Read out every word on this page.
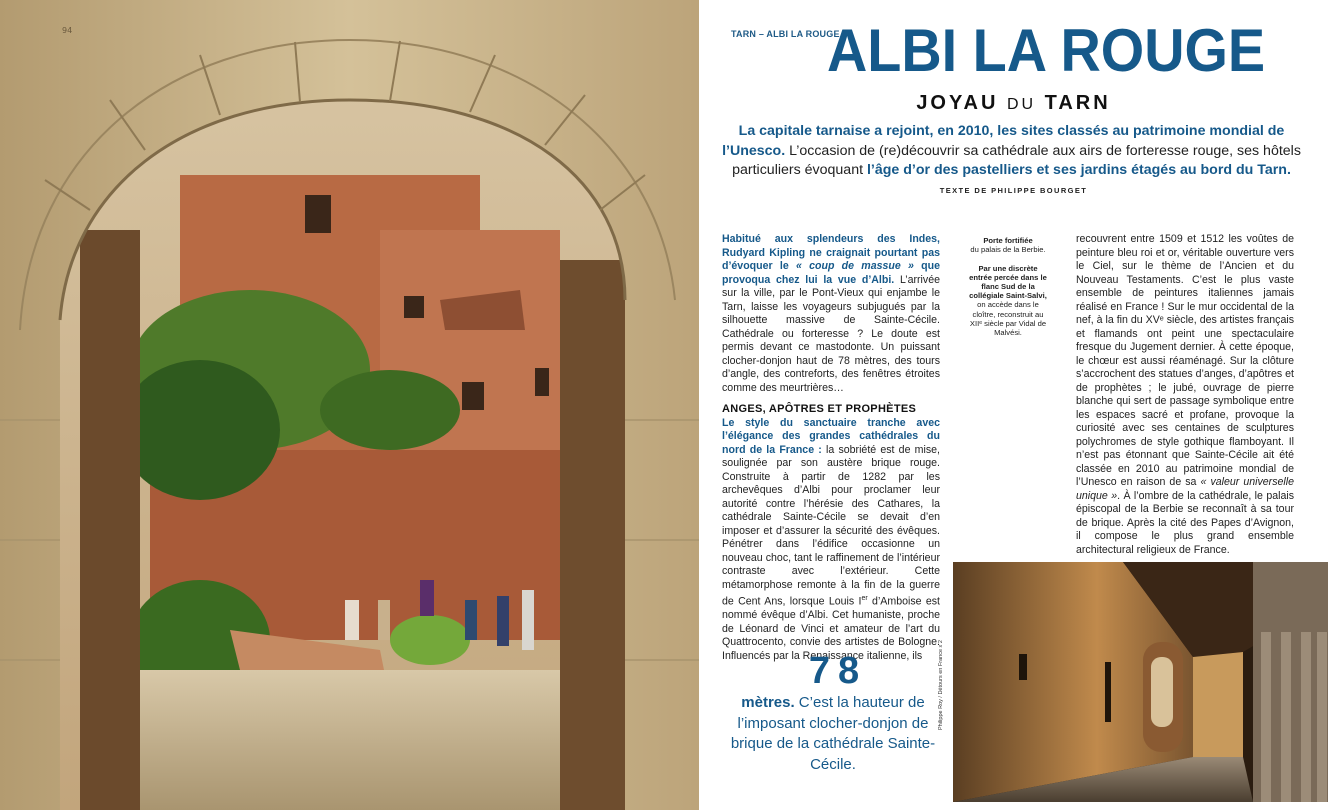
94	TARN – ALBI LA ROUGE
ALBI LA ROUGE
JOYAU DU TARN
La capitale tarnaise a rejoint, en 2010, les sites classés au patrimoine mondial de l’Unesco. L’occasion de (re)découvrir sa cathédrale aux airs de forteresse rouge, ses hôtels particuliers évoquant l’âge d’or des pastelliers et ses jardins étagés au bord du Tarn.
TEXTE DE PHILIPPE BOURGET
Habitué aux splendeurs des Indes, Rudyard Kipling ne craignait pourtant pas d’évoquer le « coup de massue » que provoqua chez lui la vue d’Albi. L’arrivée sur la ville, par le Pont-Vieux qui enjambe le Tarn, laisse les voyageurs subjugués par la silhouette massive de Sainte-Cécile. Cathédrale ou forteresse ? Le doute est permis devant ce mastodonte. Un puissant clocher-donjon haut de 78 mètres, des tours d’angle, des contreforts, des fenêtres étroites comme des meurtrières…
ANGES, APÔTRES ET PROPHÈTES
Le style du sanctuaire tranche avec l’élégance des grandes cathédrales du nord de la France : la sobriété est de mise, soulignée par son austère brique rouge. Construite à partir de 1282 par les archevêques d’Albi pour proclamer leur autorité contre l’hérésie des Cathares, la cathédrale Sainte-Cécile se devait d’en imposer et d’assurer la sécurité des évêques. Pénétrer dans l’édifice occasionne un nouveau choc, tant le raffinement de l’intérieur contraste avec l’extérieur. Cette métamorphose remonte à la fin de la guerre de Cent Ans, lorsque Louis Ier d’Amboise est nommé évêque d’Albi. Cet humaniste, proche de Léonard de Vinci et amateur de l’art du Quattrocento, convie des artistes de Bologne. Influencés par la Renaissance italienne, ils
Porte fortifiée
du palais de la Berbie.

Par une discrète entrée percée dans le flanc Sud de la collégiale Saint-Salvi,
on accède dans le cloître, reconstruit au XIIᵉ siècle par Vidal de Malvési.
recouvrent entre 1509 et 1512 les voûtes de peinture bleu roi et or, véritable ouverture vers le Ciel, sur le thème de l’Ancien et du Nouveau Testaments. C’est le plus vaste ensemble de peintures italiennes jamais réalisé en France ! Sur le mur occidental de la nef, à la fin du XVᵉ siècle, des artistes français et flamands ont peint une spectaculaire fresque du Jugement dernier. À cette époque, le chœur est aussi réaménagé. Sur la clôture s’accrochent des statues d’anges, d’apôtres et de prophètes ; le jubé, ouvrage de pierre blanche qui sert de passage symbolique entre les espaces sacré et profane, provoque la curiosité avec ses centaines de sculptures polychromes de style gothique flamboyant. Il n’est pas étonnant que Sainte-Cécile ait été classée en 2010 au patrimoine mondial de l’Unesco en raison de sa « valeur universelle unique ». À l’ombre de la cathédrale, le palais épiscopal de la Berbie se reconnaît à sa tour de brique. Après la cité des Papes d’Avignon, il compose le plus grand ensemble architectural religieux de France.
78
mètres. C’est la hauteur de l’imposant clocher-donjon de brique de la cathédrale Sainte-Cécile.
Philippe Roy / Détours en France x 2
